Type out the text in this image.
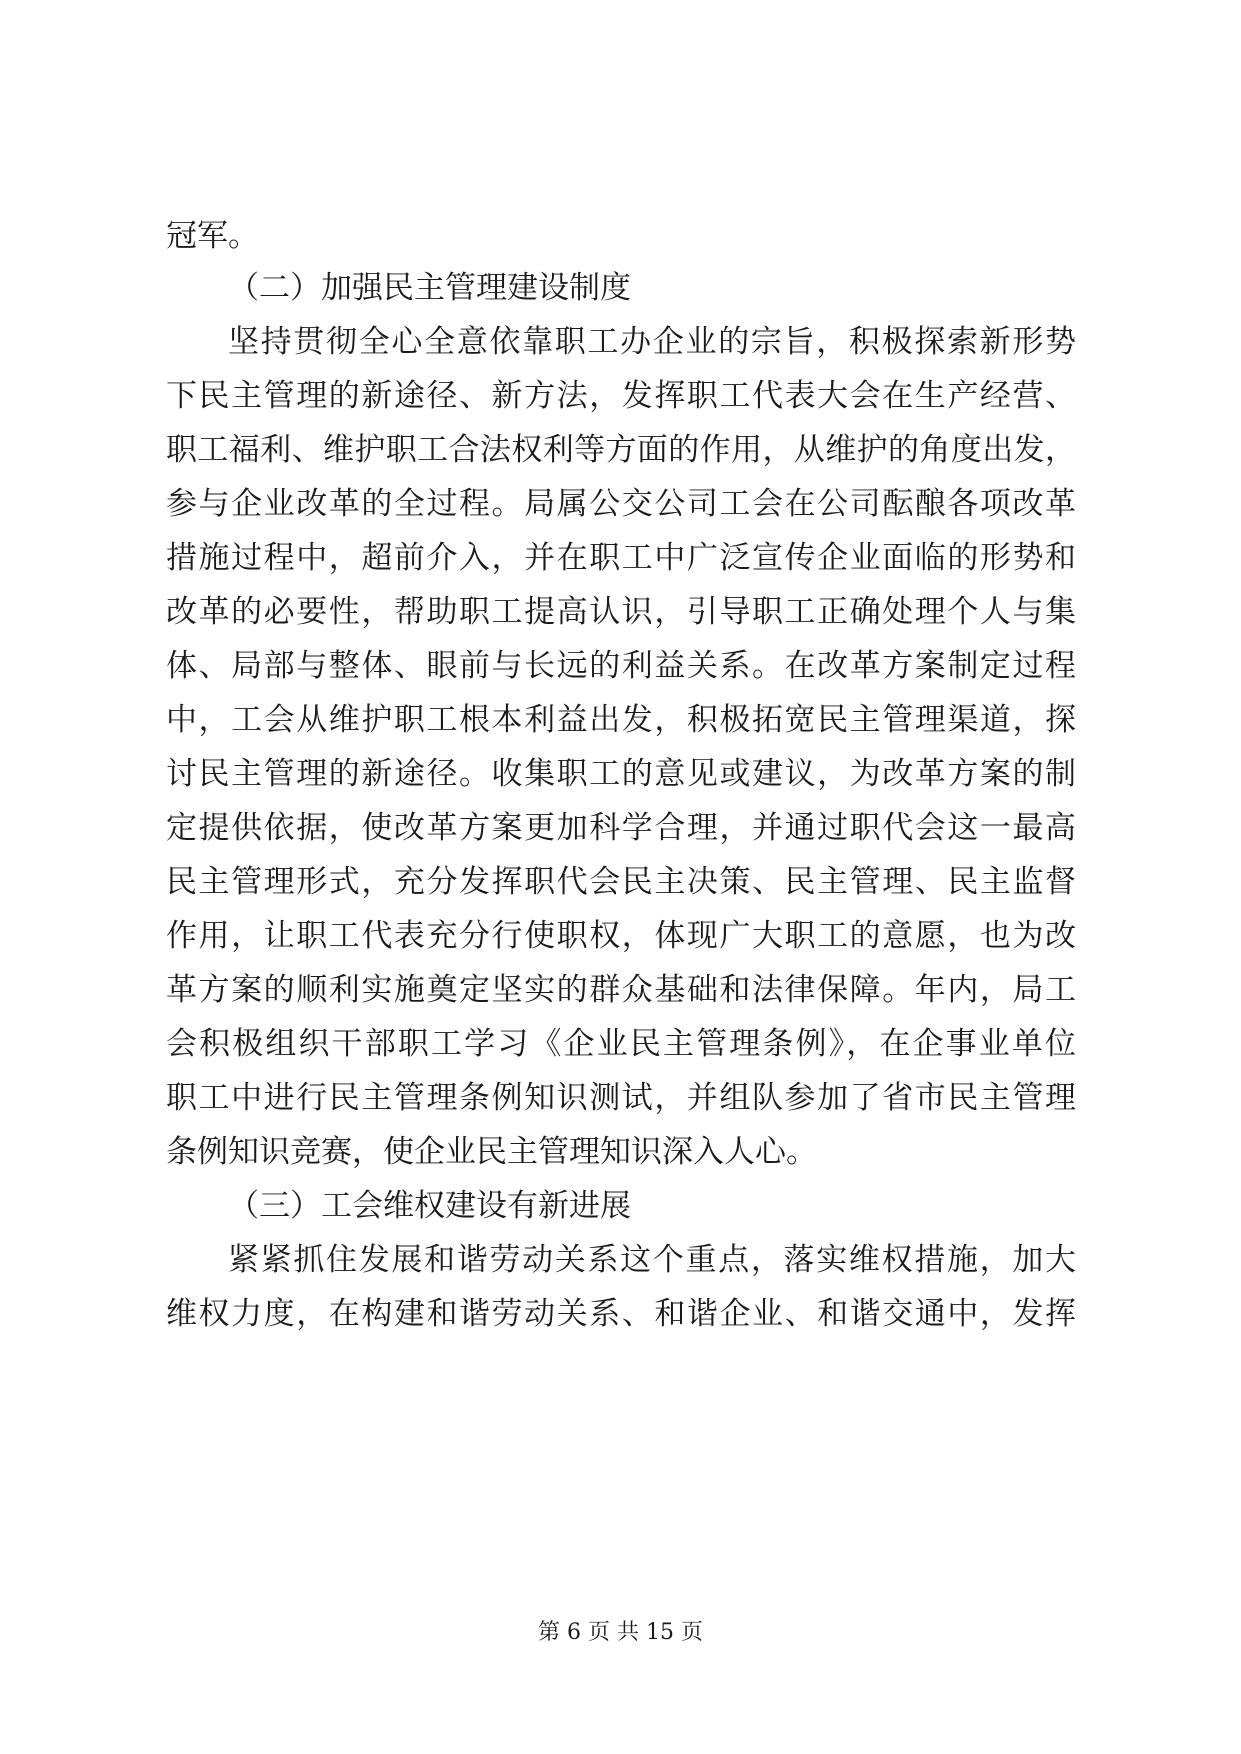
冠军。
（二）加强民主管理建设制度
坚持贯彻全心全意依靠职工办企业的宗旨，积极探索新形势
下民主管理的新途径、新方法，发挥职工代表大会在生产经营、
职工福利、维护职工合法权利等方面的作用，从维护的角度出发，
参与企业改革的全过程。局属公交公司工会在公司酝酿各项改革
措施过程中，超前介入，并在职工中广泛宣传企业面临的形势和
改革的必要性，帮助职工提高认识，引导职工正确处理个人与集
体、局部与整体、眼前与长远的利益关系。在改革方案制定过程
中，工会从维护职工根本利益出发，积极拓宽民主管理渠道，探
讨民主管理的新途径。收集职工的意见或建议，为改革方案的制
定提供依据，使改革方案更加科学合理，并通过职代会这一最高
民主管理形式，充分发挥职代会民主决策、民主管理、民主监督
作用，让职工代表充分行使职权，体现广大职工的意愿，也为改
革方案的顺利实施奠定坚实的群众基础和法律保障。年内，局工
会积极组织干部职工学习《企业民主管理条例》，在企事业单位
职工中进行民主管理条例知识测试，并组队参加了省市民主管理
条例知识竞赛，使企业民主管理知识深入人心。
（三）工会维权建设有新进展
紧紧抓住发展和谐劳动关系这个重点，落实维权措施，加大
维权力度，在构建和谐劳动关系、和谐企业、和谐交通中，发挥
第 6 页 共 15 页
